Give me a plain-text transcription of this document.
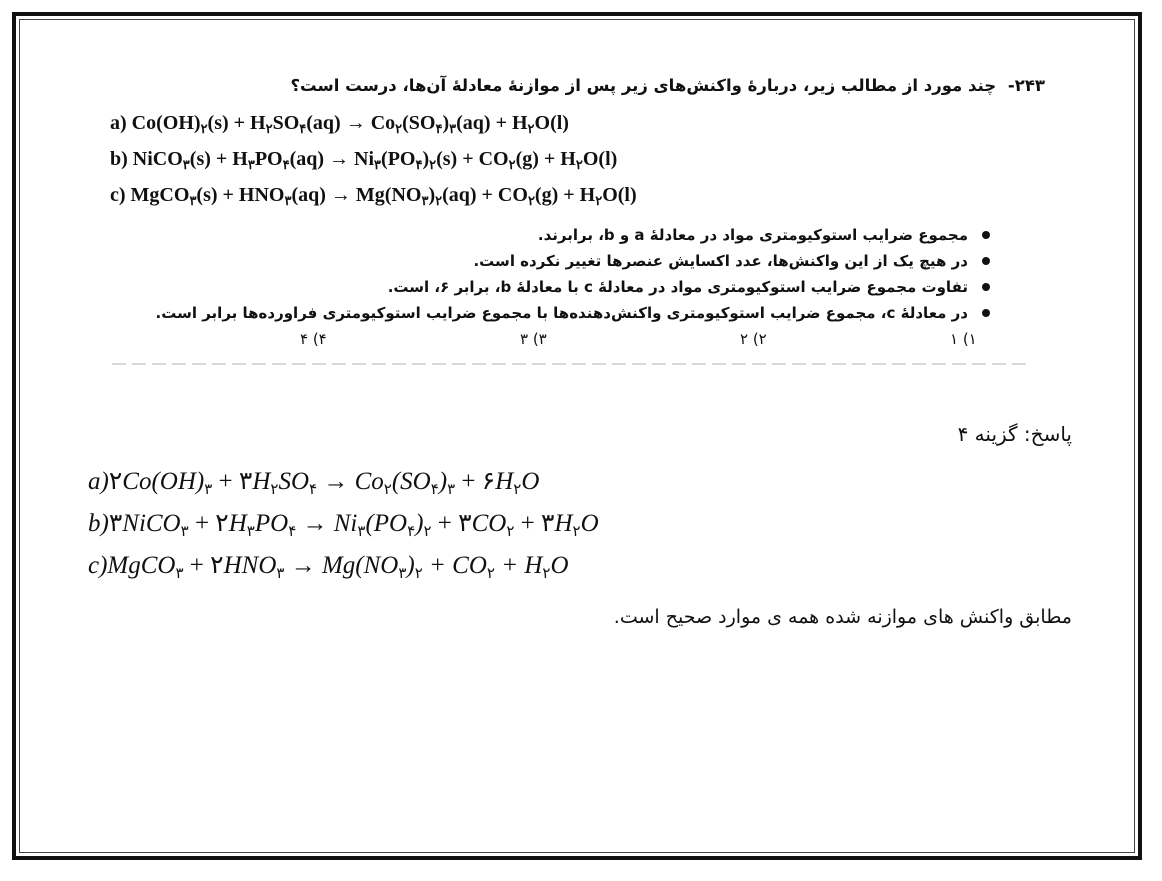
۲۴۳- چند مورد از مطالب زیر، دربارهٔ واکنش‌های زیر پس از موازنهٔ معادلهٔ آن‌ها، درست است؟
a) $Co(OH)_۲(s) + H_۲SO_۴(aq) \to Co_۲(SO_۴)_۳(aq) + H_۲O(l)$
b) NiCO$_۳$(s) + $H_۳PO_۴(aq) \to Ni_۳(PO_۴)_۲(s) + CO_۲(g) + H_۲O(l)$
c) MgCO$_۳$(s) + $HNO_۳(aq) \to Mg(NO_۳)_۲(aq) + CO_۲(g) + H_۲O(l)$
مجموع ضرایب استوکیومتری مواد در معادلهٔ a و b، برابرند.
در هیچ یک از این واکنش‌ها، عدد اکسایش عنصرها تغییر نکرده است.
تفاوت مجموع ضرایب استوکیومتری مواد در معادلهٔ c با معادلهٔ b، برابر ۶، است.
در معادلهٔ c، مجموع ضرایب استوکیومتری واکنش‌دهنده‌ها با مجموع ضرایب استوکیومتری فراورده‌ها برابر است.
۱ (۱
۲ (۲
۳ (۳
۴ (۴
پاسخ: گزینه ۴
$a)۲Co(OH)_۳$ + $۳H_۲SO_۴ \to Co_۲(SO_۴)_۳$ + $۶H_۲O$
b)۳NiCO$_۳$ + $۲H_۳PO_۴ \to Ni_۳(PO_۴)_۲$ + $۳CO_۲$ + $۳H_۲O$
c)MgCO$_۳$ + $۲HNO_۳ \to Mg(NO_۳)_۲ + CO_۲ + H_۲O$
مطابق واکنش های موازنه شده همه ی موارد صحیح است.
